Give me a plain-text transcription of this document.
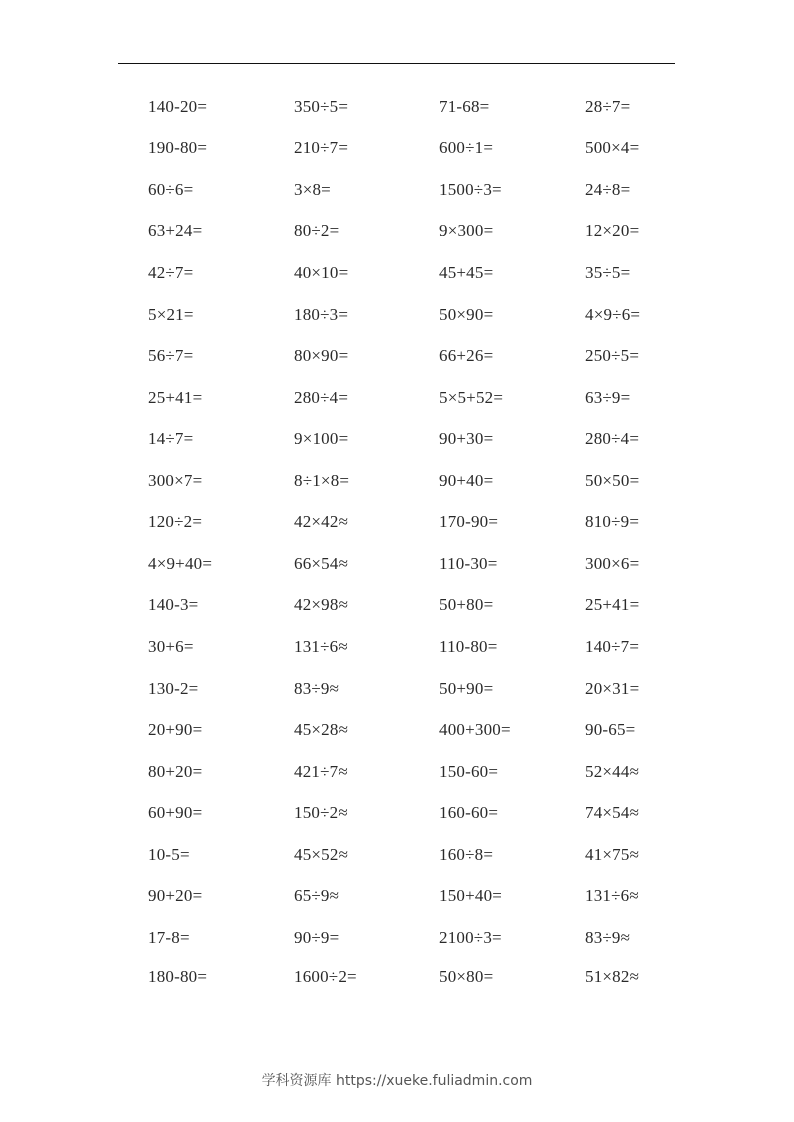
140-20=	350÷5=	71-68=	28÷7=
190-80=	210÷7=	600÷1=	500×4=
60÷6=	3×8=	1500÷3=	24÷8=
63+24=	80÷2=	9×300=	12×20=
42÷7=	40×10=	45+45=	35÷5=
5×21=	180÷3=	50×90=	4×9÷6=
56÷7=	80×90=	66+26=	250÷5=
25+41=	280÷4=	5×5+52=	63÷9=
14÷7=	9×100=	90+30=	280÷4=
300×7=	8÷1×8=	90+40=	50×50=
120÷2=	42×42≈	170-90=	810÷9=
4×9+40=	66×54≈	110-30=	300×6=
140-3=	42×98≈	50+80=	25+41=
30+6=	131÷6≈	110-80=	140÷7=
130-2=	83÷9≈	50+90=	20×31=
20+90=	45×28≈	400+300=	90-65=
80+20=	421÷7≈	150-60=	52×44≈
60+90=	150÷2≈	160-60=	74×54≈
10-5=	45×52≈	160÷8=	41×75≈
90+20=	65÷9≈	150+40=	131÷6≈
17-8=	90÷9=	2100÷3=	83÷9≈
180-80=	1600÷2=	50×80=	51×82≈
学科资源库 https://xueke.fuliadmin.com
